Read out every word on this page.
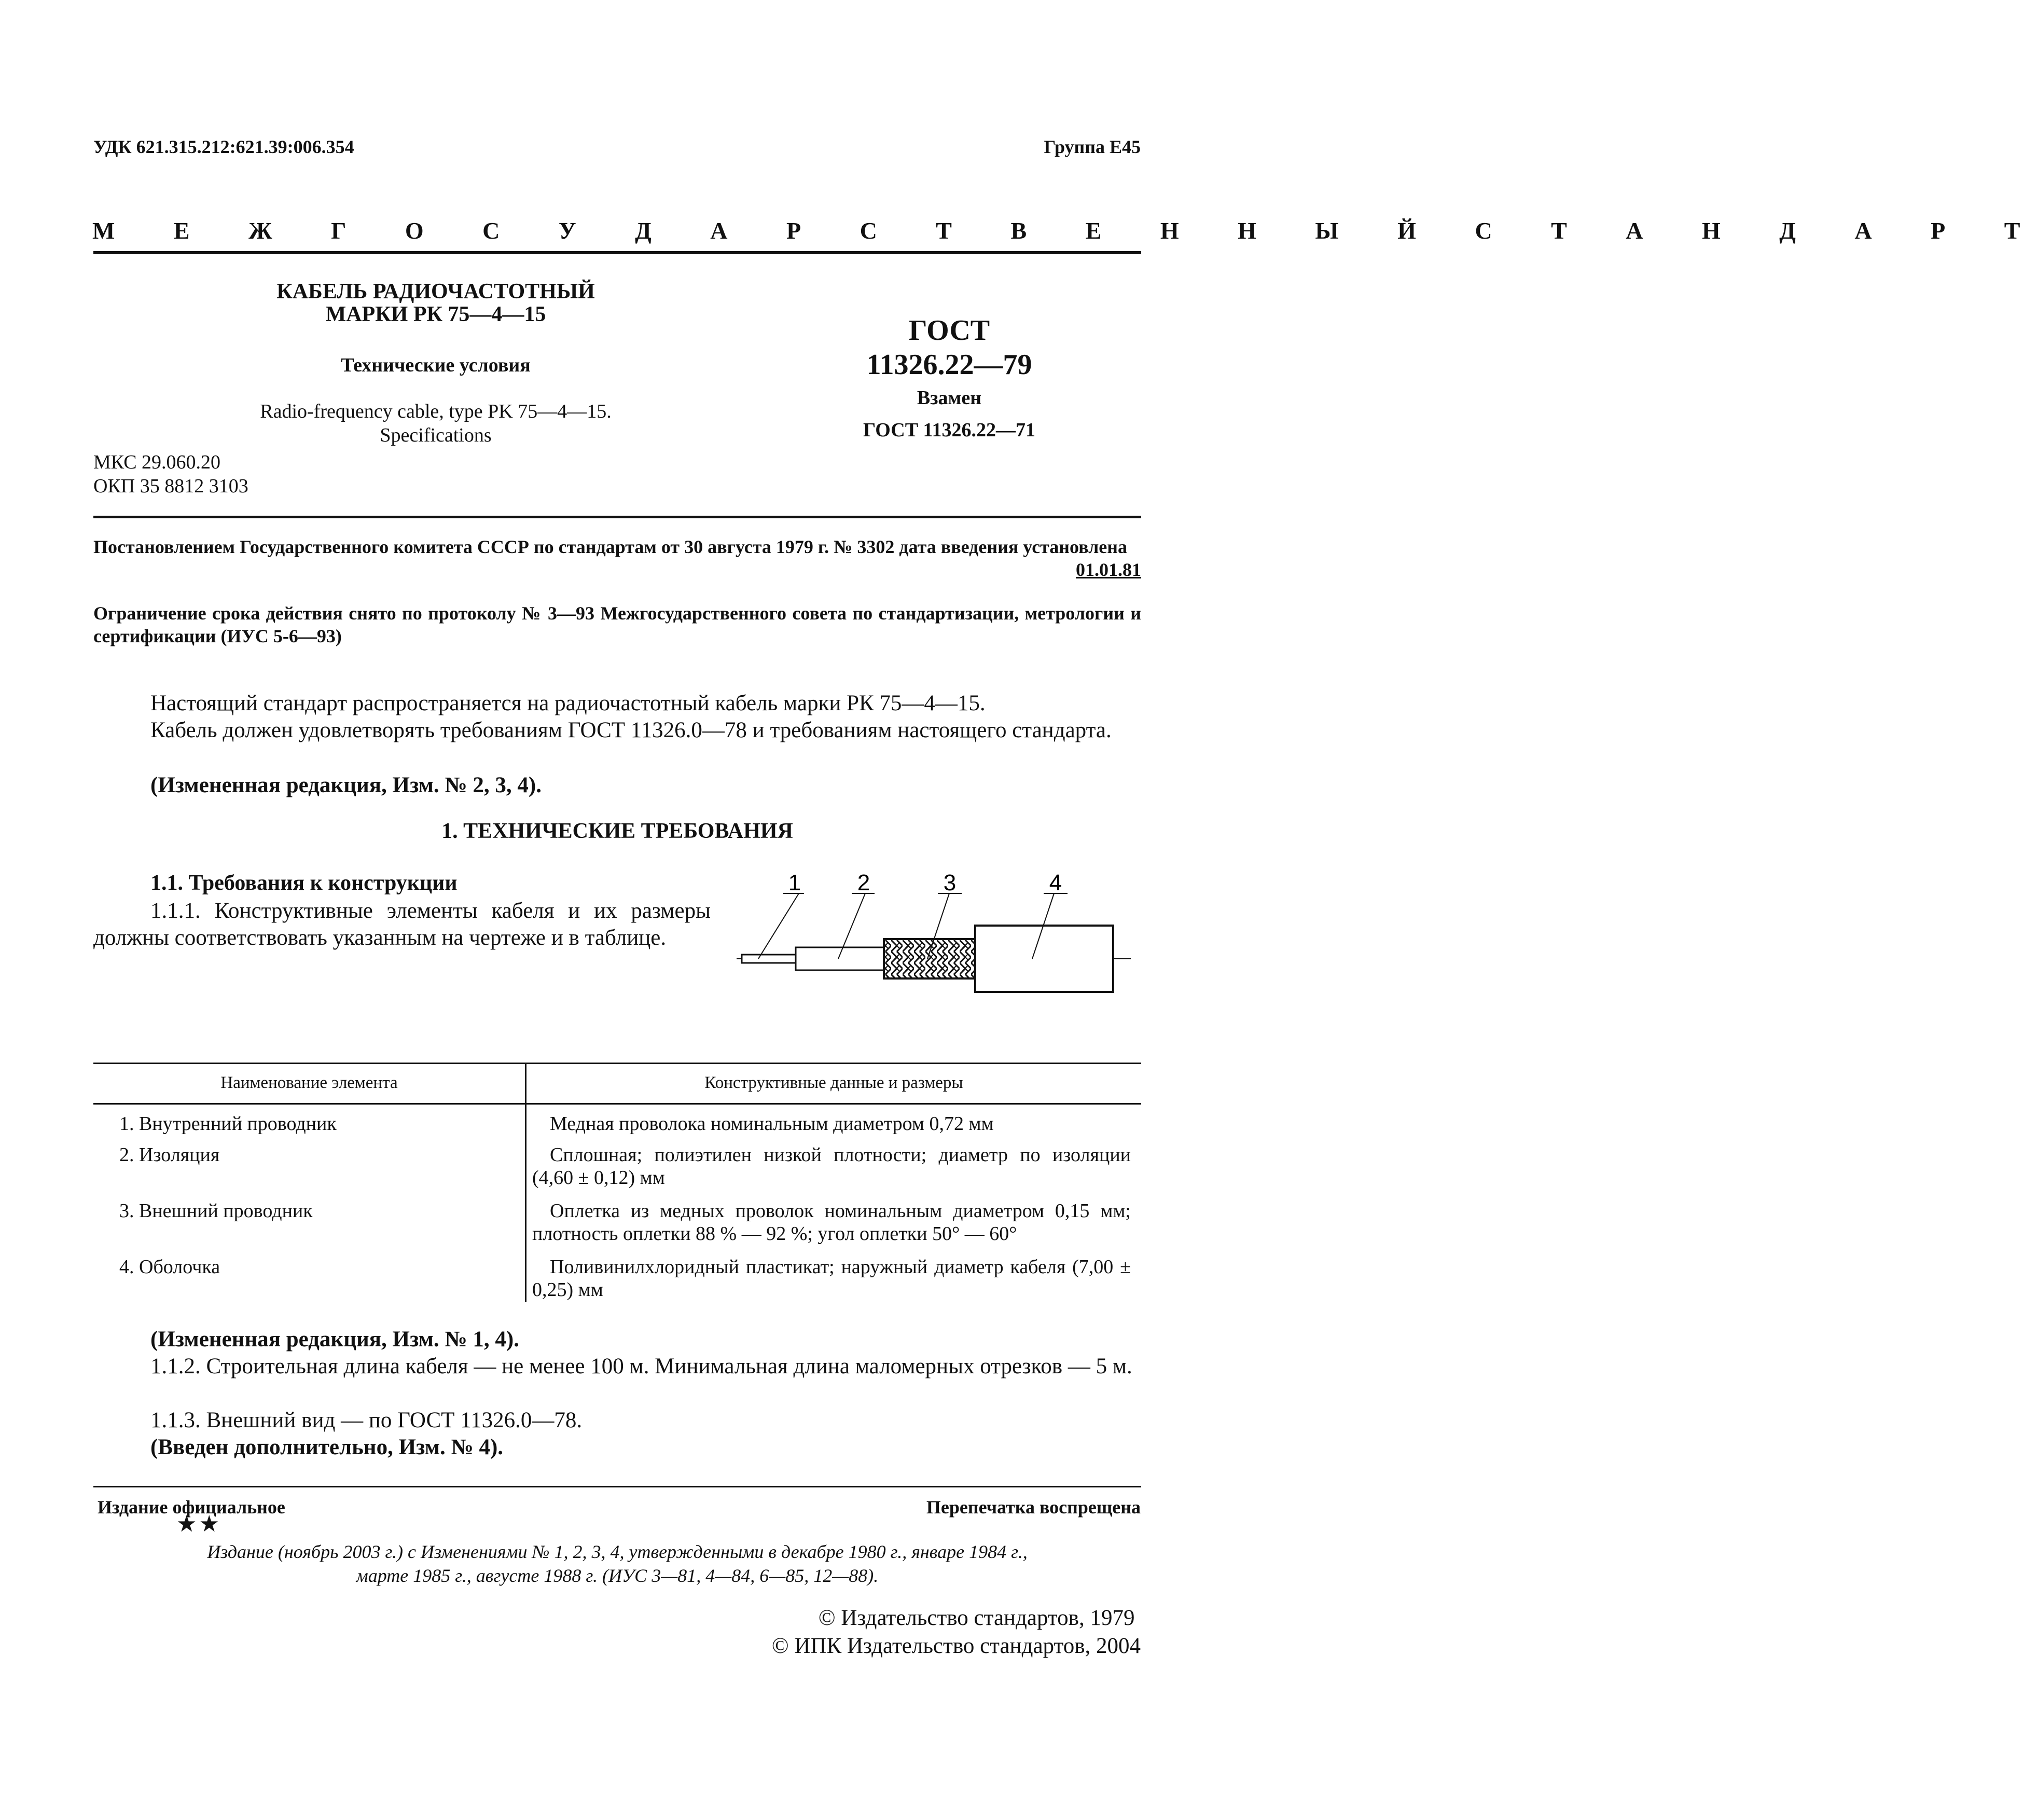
УДК 621.315.212:621.39:006.354	Группа Е45
М Е Ж Г О С У Д А Р С Т В Е Н Н Ы Й С Т А Н Д А Р Т
КАБЕЛЬ РАДИОЧАСТОТНЫЙ
МАРКИ РК 75—4—15
Технические условия
Radio-frequency cable, type PK 75—4—15.
Specifications
МКС 29.060.20
ОКП 35 8812 3103
ГОСТ
11326.22—79
Взамен
ГОСТ 11326.22—71
Постановлением Государственного комитета СССР по стандартам от 30 августа 1979 г. № 3302 дата введения установлена
01.01.81
Ограничение срока действия снято по протоколу № 3—93 Межгосударственного совета по стандартизации, метрологии и сертификации (ИУС 5-6—93)
Настоящий стандарт распространяется на радиочастотный кабель марки РК 75—4—15.
Кабель должен удовлетворять требованиям ГОСТ 11326.0—78 и требованиям настоящего стандарта.
(Измененная редакция, Изм. № 2, 3, 4).
1. ТЕХНИЧЕСКИЕ ТРЕБОВАНИЯ
1.1. Требования к конструкции
1.1.1. Конструктивные элементы кабеля и их размеры должны соответствовать указанным на чертеже и в таблице.
1 2	3	4
Наименование элемента	Конструктивные данные и размеры
1. Внутренний проводник	Медная проволока номинальным диаметром 0,72 мм
2. Изоляция	Сплошная; полиэтилен низкой плотности; диаметр по изоляции (4,60 ± 0,12) мм
3. Внешний проводник	Оплетка из медных проволок номинальным диаметром 0,15 мм; плотность оплетки 88 % — 92 %; угол оплетки 50° — 60°
4. Оболочка	Поливинилхлоридный пластикат; наружный диаметр кабеля (7,00 ± 0,25) мм
(Измененная редакция, Изм. № 1, 4).
1.1.2. Строительная длина кабеля — не менее 100 м. Минимальная длина маломерных отрезков — 5 м.
1.1.3. Внешний вид — по ГОСТ 11326.0—78.
(Введен дополнительно, Изм. № 4).
Издание официальное	Перепечатка воспрещена
★★
Издание (ноябрь 2003 г.) с Изменениями № 1, 2, 3, 4, утвержденными в декабре 1980 г., январе 1984 г.,
марте 1985 г., августе 1988 г. (ИУС 3—81, 4—84, 6—85, 12—88).
© Издательство стандартов, 1979
© ИПК Издательство стандартов, 2004
